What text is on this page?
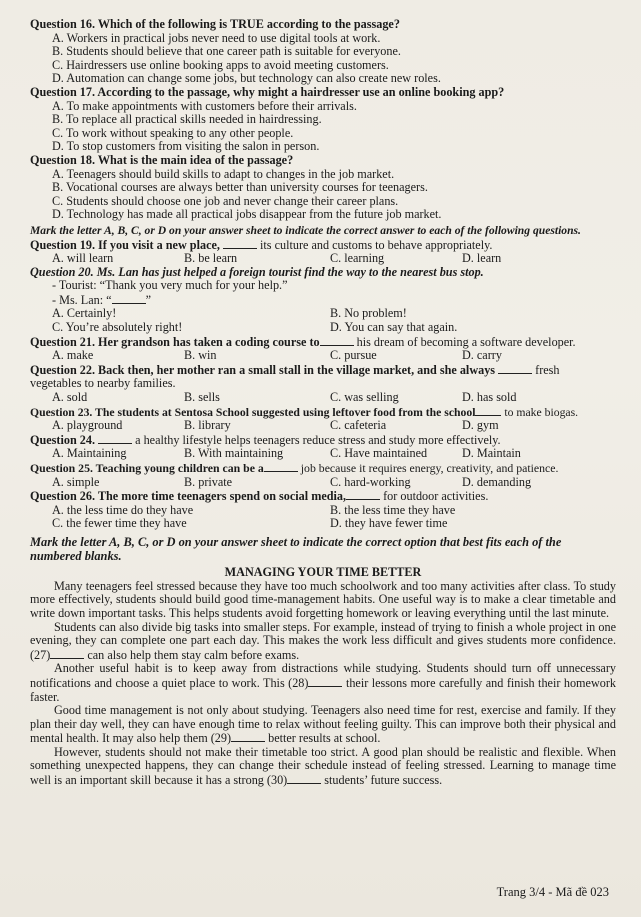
Question 16. Which of the following is TRUE according to the passage?
A. Workers in practical jobs never need to use digital tools at work.
B. Students should believe that one career path is suitable for everyone.
C. Hairdressers use online booking apps to avoid meeting customers.
D. Automation can change some jobs, but technology can also create new roles.
Question 17. According to the passage, why might a hairdresser use an online booking app?
A. To make appointments with customers before their arrivals.
B. To replace all practical skills needed in hairdressing.
C. To work without speaking to any other people.
D. To stop customers from visiting the salon in person.
Question 18. What is the main idea of the passage?
A. Teenagers should build skills to adapt to changes in the job market.
B. Vocational courses are always better than university courses for teenagers.
C. Students should choose one job and never change their career plans.
D. Technology has made all practical jobs disappear from the future job market.
Mark the letter A, B, C, or D on your answer sheet to indicate the correct answer to each of the following questions.
Question 19. If you visit a new place,	its culture and customs to behave appropriately.
A. will learn	B. be learn	C. learning	D. learn
Question 20. Ms. Lan has just helped a foreign tourist find the way to the nearest bus stop.
- Tourist: “Thank you very much for your help.”
- Ms. Lan: “	”
A. Certainly!	B. No problem!
C. You’re absolutely right!	D. You can say that again.
Question 21. Her grandson has taken a coding course to	his dream of becoming a software developer.
A. make	B. win	C. pursue	D. carry
Question 22. Back then, her mother ran a small stall in the village market, and she always	fresh
vegetables to nearby families.
A. sold	B. sells	C. was selling	D. has sold
Question 23. The students at Sentosa School suggested using leftover food from the school to make biogas.
A. playground	B. library	C. cafeteria	D. gym
Question 24.	a healthy lifestyle helps teenagers reduce stress and study more effectively.
A. Maintaining	B. With maintaining	C. Have maintained	D. Maintain
Question 25. Teaching young children can be a	job because it requires energy, creativity, and patience.
A. simple	B. private	C. hard-working	D. demanding
Question 26. The more time teenagers spend on social media,	for outdoor activities.
A. the less time do they have	B. the less time they have
C. the fewer time they have	D. they have fewer time
Mark the letter A, B, C, or D on your answer sheet to indicate the correct option that best fits each of the numbered blanks.
MANAGING YOUR TIME BETTER

Many teenagers feel stressed because they have too much schoolwork and too many activities after class. To study more effectively, students should build good time-management habits. One useful way is to make a clear timetable and write down important tasks. This helps students avoid forgetting homework or leaving everything until the last minute.

Students can also divide big tasks into smaller steps. For example, instead of trying to finish a whole project in one evening, they can complete one part each day. This makes the work less difficult and gives students more confidence. (27)	can also help them stay calm before exams.

Another useful habit is to keep away from distractions while studying. Students should turn off unnecessary notifications and choose a quiet place to work. This (28)	their lessons more carefully and finish their homework faster.

Good time management is not only about studying. Teenagers also need time for rest, exercise and family. If they plan their day well, they can have enough time to relax without feeling guilty. This can improve both their physical and mental health. It may also help them (29)	better results at school.

However, students should not make their timetable too strict. A good plan should be realistic and flexible. When something unexpected happens, they can change their schedule instead of feeling stressed. Learning to manage time well is an important skill because it has a strong (30)	students’ future success.

Trang 3/4 - Mã đề 023
